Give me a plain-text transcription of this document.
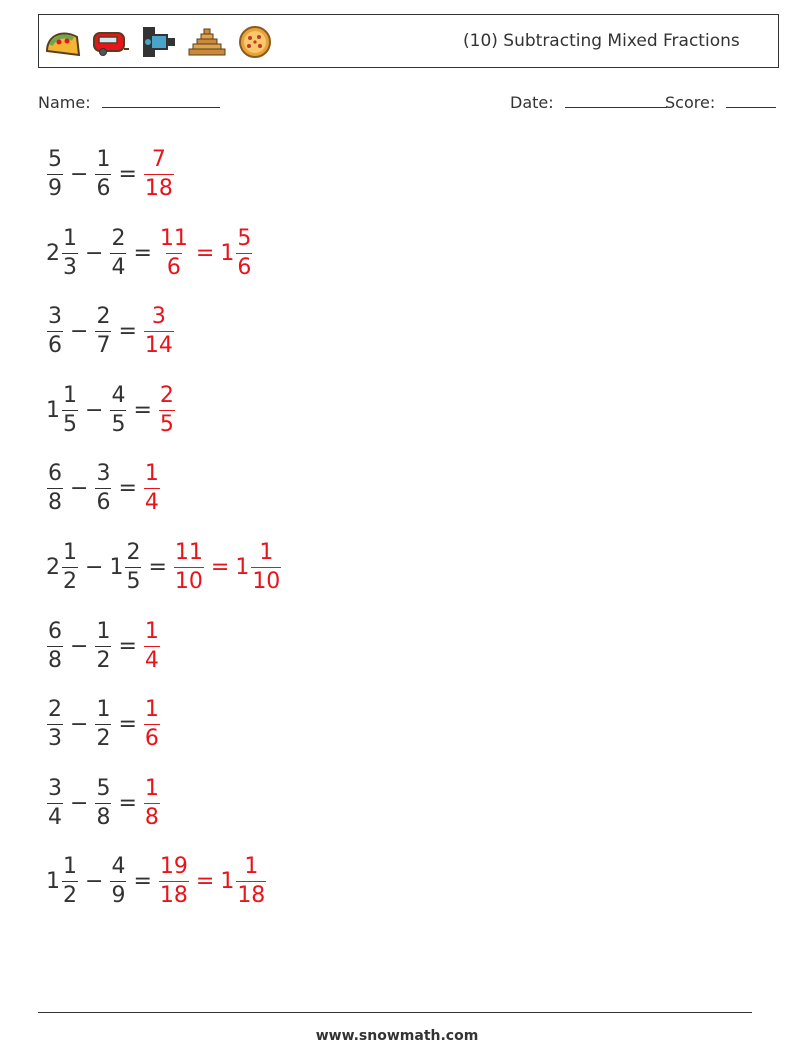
(10) Subtracting Mixed Fractions
Name:	Date:	Score:
$\frac{5}{9} - \frac{1}{6} = \frac{7}{18}$
$2 \frac{1}{3} - \frac{2}{4} = \frac{11}{6} = 1 \frac{5}{6}$
$\frac{3}{6} - \frac{2}{7} = \frac{3}{14}$
$1 \frac{1}{5} - \frac{4}{5} = \frac{2}{5}$
$\frac{6}{8} - \frac{3}{6} = \frac{1}{4}$
$2 \frac{1}{2} - 1 \frac{2}{5} = \frac{11}{10} = 1 \frac{1}{10}$
$\frac{6}{8} - \frac{1}{2} = \frac{1}{4}$
$\frac{2}{3} - \frac{1}{2} = \frac{1}{6}$
$\frac{3}{4} - \frac{5}{8} = \frac{1}{8}$
$1 \frac{1}{2} - \frac{4}{9} = \frac{19}{18} = 1 \frac{1}{18}$
www.snowmath.com
